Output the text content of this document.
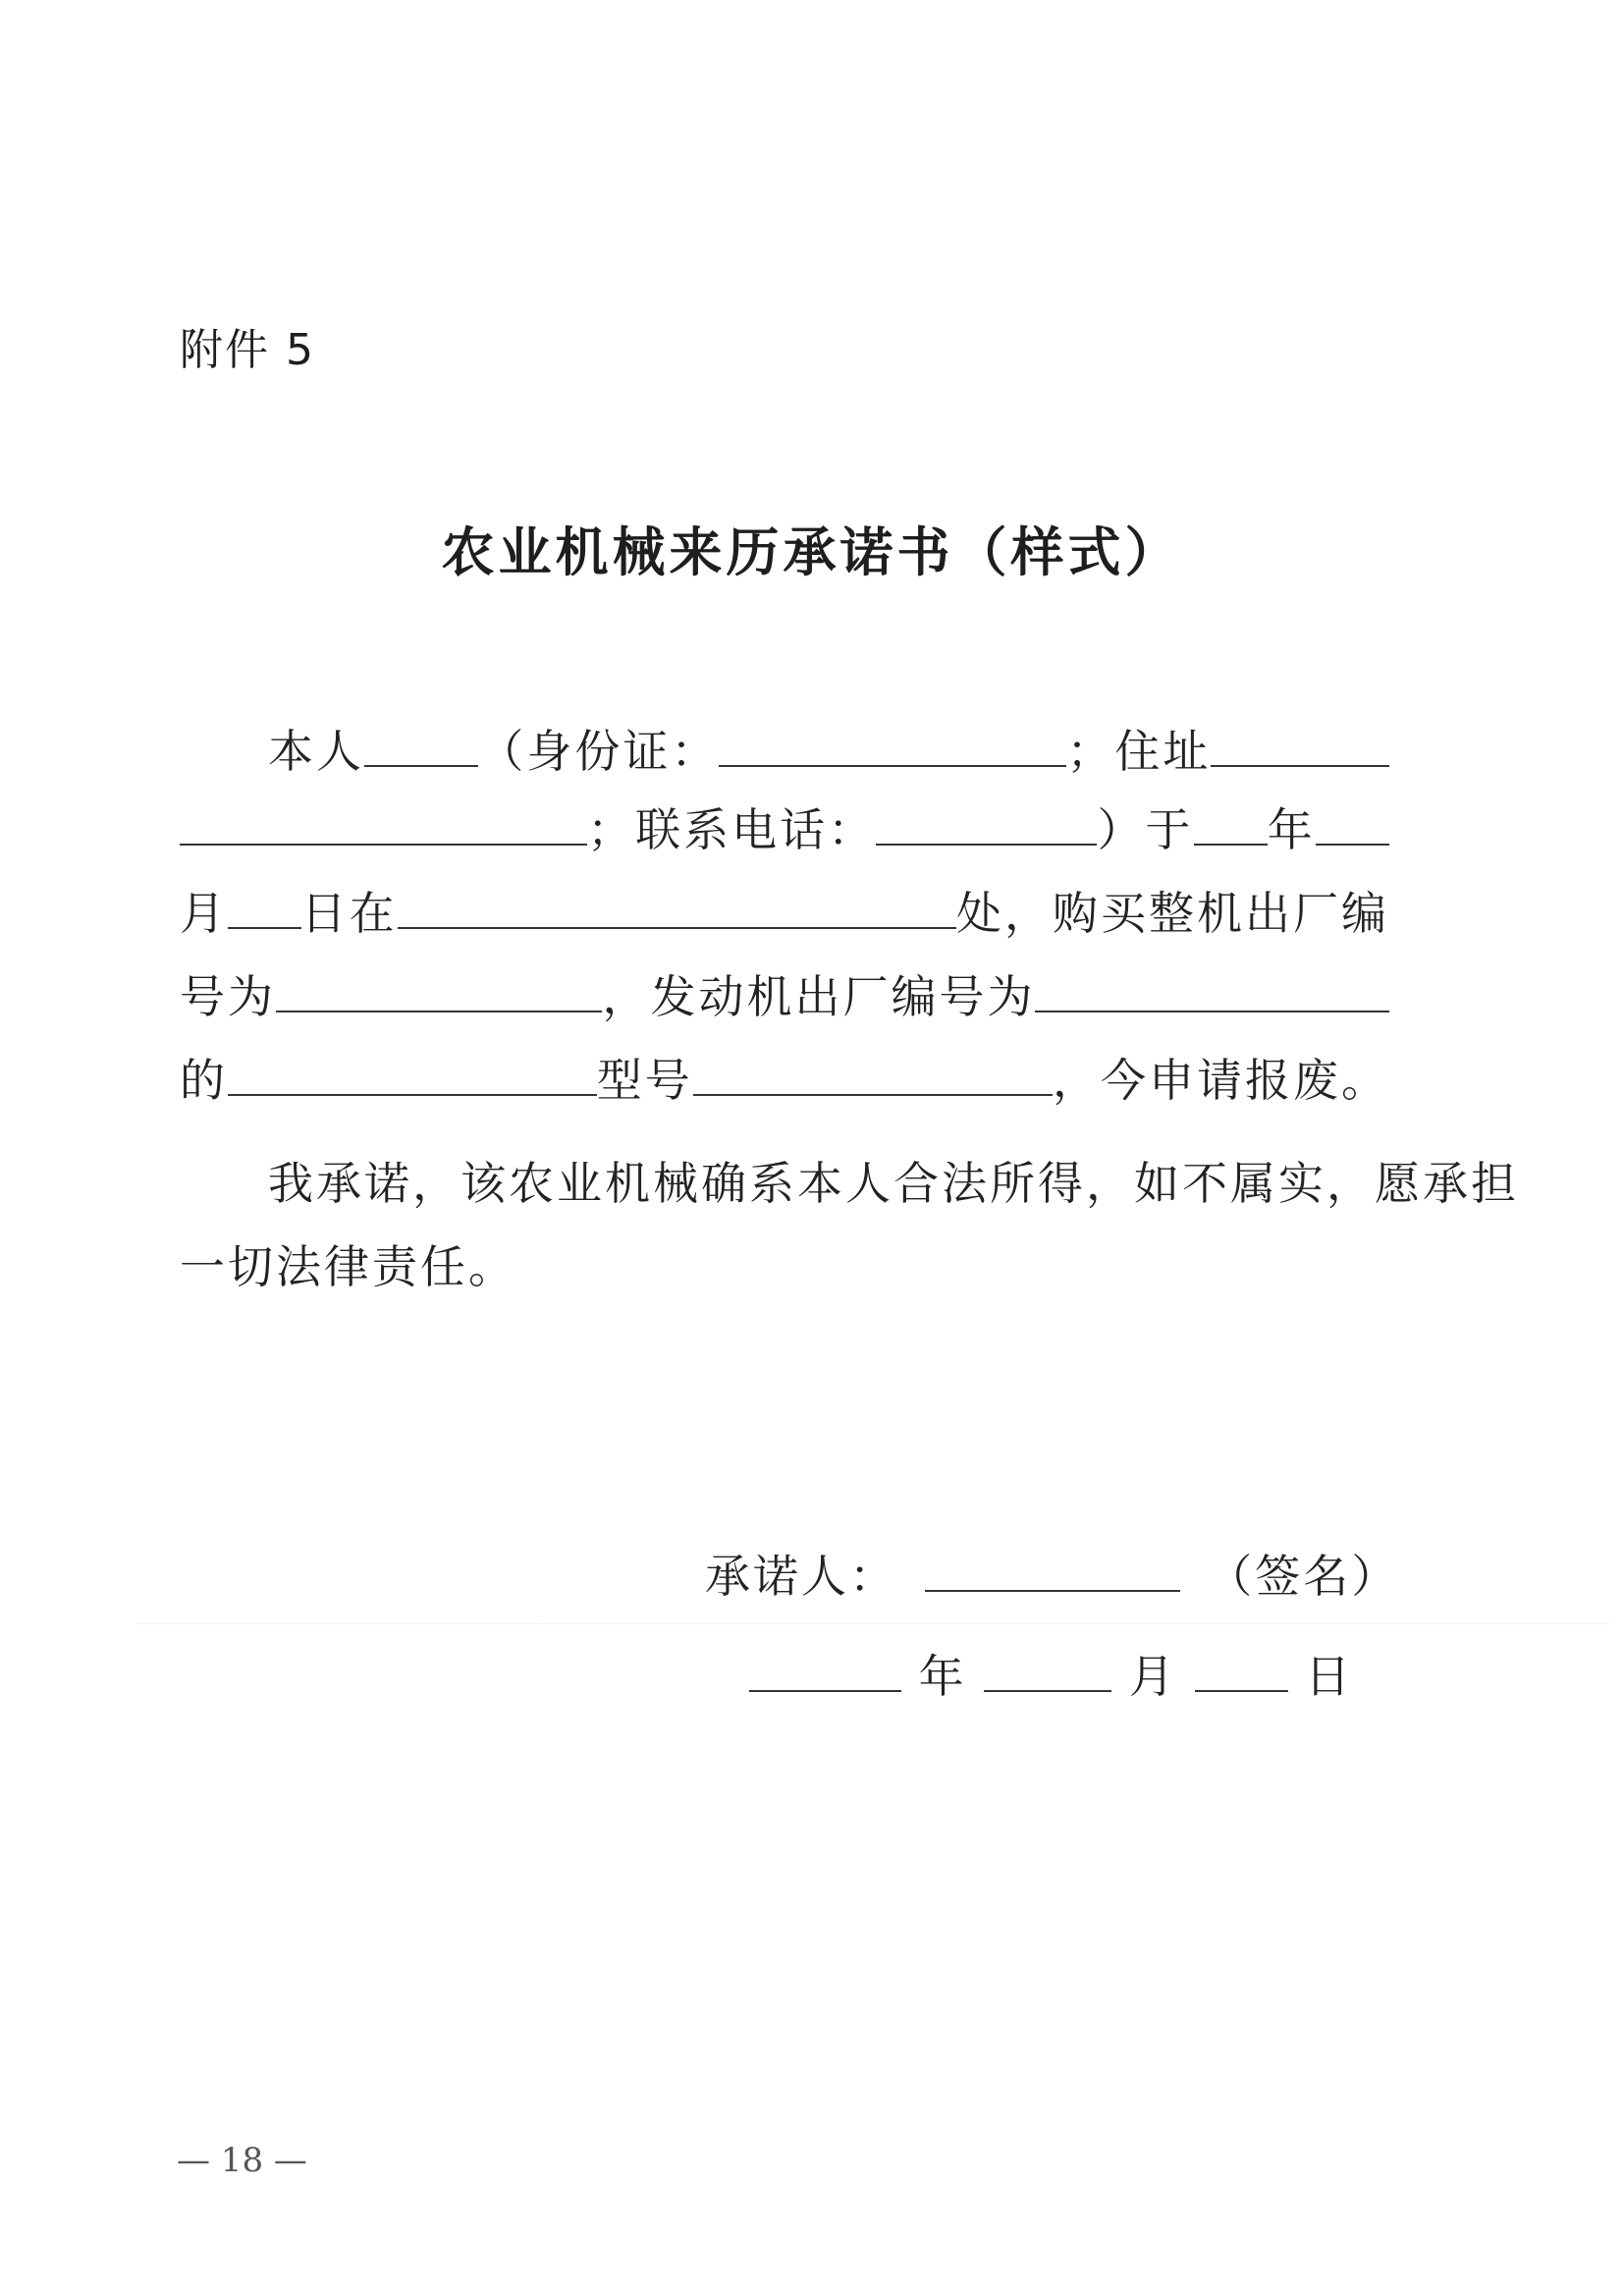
附件 5
农业机械来历承诺书（样式）
本人	（身份证：	；住址
；联系电话：	）于 年
月 日在	处，购买整机出厂编
号为	，发动机出厂编号为
的	型号	，今申请报废。
我承诺，该农业机械确系本人合法所得，如不属实，愿承担
一切法律责任。
承诺人：	（签名）
年	月	日
— 18 —
